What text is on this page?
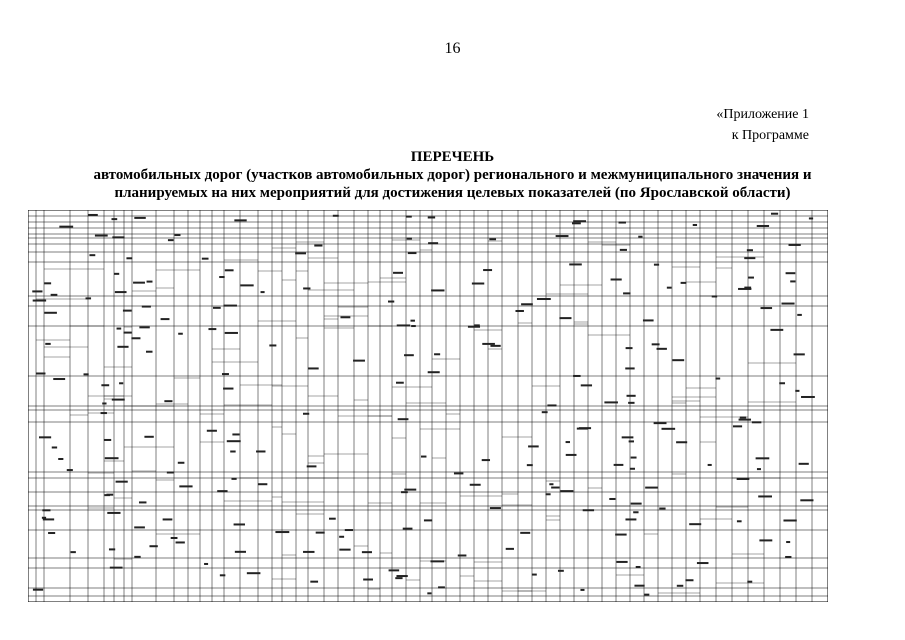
16
«Приложение 1
к Программе
ПЕРЕЧЕНЬ
автомобильных дорог (участков автомобильных дорог) регионального и межмуниципального значения и
планируемых на них мероприятий для достижения целевых показателей (по Ярославской области)
